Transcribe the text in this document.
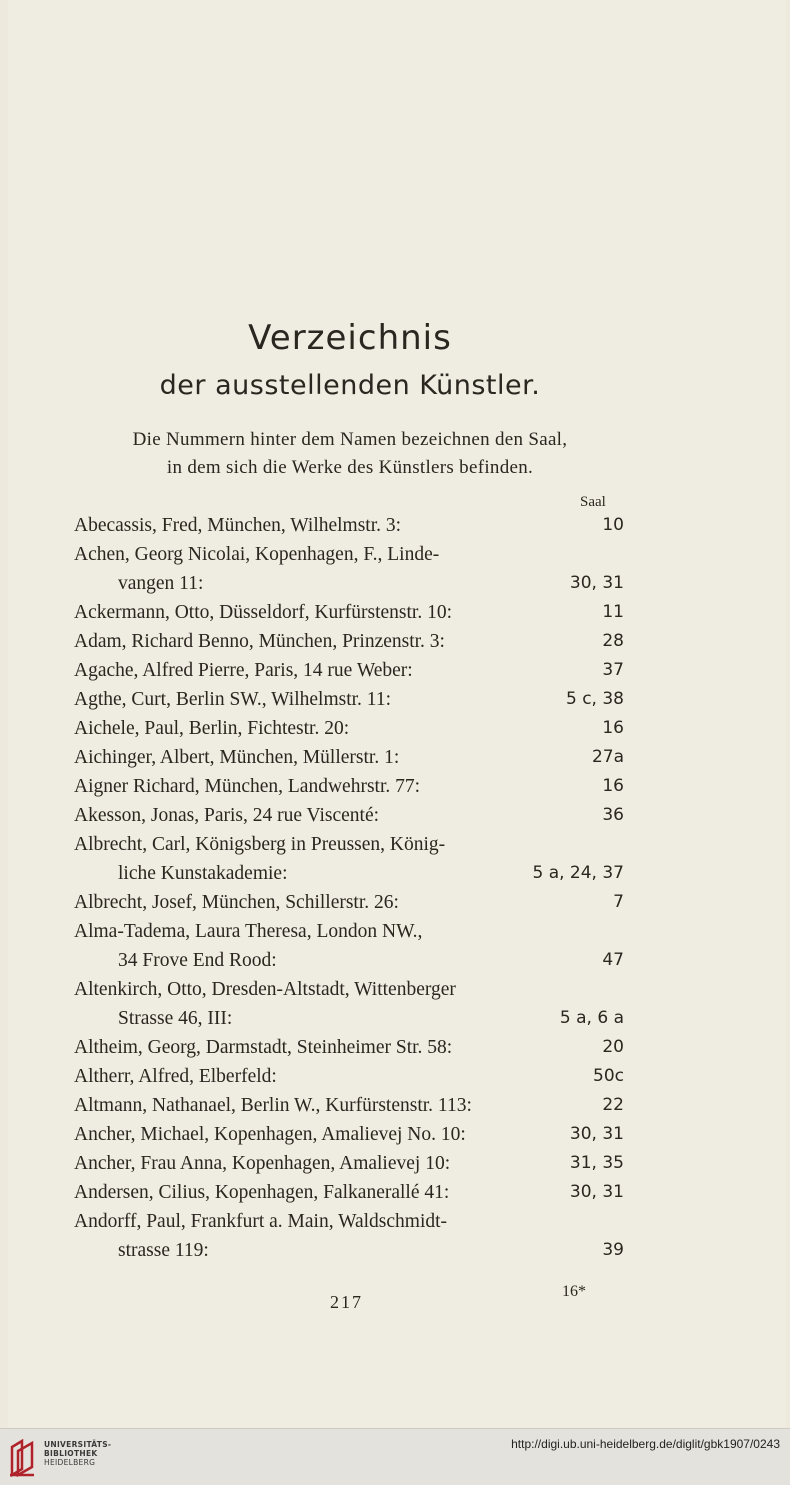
Verzeichnis
der ausstellenden Künstler.
Die Nummern hinter dem Namen bezeichnen den Saal,
in dem sich die Werke des Künstlers befinden.
Saal
Abecassis, Fred, München, Wilhelmstr. 3:	10
Achen, Georg Nicolai, Kopenhagen, F., Linde-
vangen 11:	30, 31
Ackermann, Otto, Düsseldorf, Kurfürstenstr. 10:	11
Adam, Richard Benno, München, Prinzenstr. 3:	28
Agache, Alfred Pierre, Paris, 14 rue Weber:	37
Agthe, Curt, Berlin SW., Wilhelmstr. 11:	5 c, 38
Aichele, Paul, Berlin, Fichtestr. 20:	16
Aichinger, Albert, München, Müllerstr. 1:	27a
Aigner Richard, München, Landwehrstr. 77:	16
Akesson, Jonas, Paris, 24 rue Viscenté:	36
Albrecht, Carl, Königsberg in Preussen, König-
liche Kunstakademie:	5 a, 24, 37
Albrecht, Josef, München, Schillerstr. 26:	7
Alma-Tadema, Laura Theresa, London NW.,
34 Frove End Rood:	47
Altenkirch, Otto, Dresden-Altstadt, Wittenberger
Strasse 46, III:	5 a, 6 a
Altheim, Georg, Darmstadt, Steinheimer Str. 58:	20
Altherr, Alfred, Elberfeld:	50c
Altmann, Nathanael, Berlin W., Kurfürstenstr. 113:	22
Ancher, Michael, Kopenhagen, Amalievej No. 10:	30, 31
Ancher, Frau Anna, Kopenhagen, Amalievej 10:	31, 35
Andersen, Cilius, Kopenhagen, Falkanerallé 41:	30, 31
Andorff, Paul, Frankfurt a. Main, Waldschmidt-
strasse 119:	39
217
16*
UNIVERSITÄTS-
BIBLIOTHEK
HEIDELBERG
http://digi.ub.uni-heidelberg.de/diglit/gbk1907/0243
